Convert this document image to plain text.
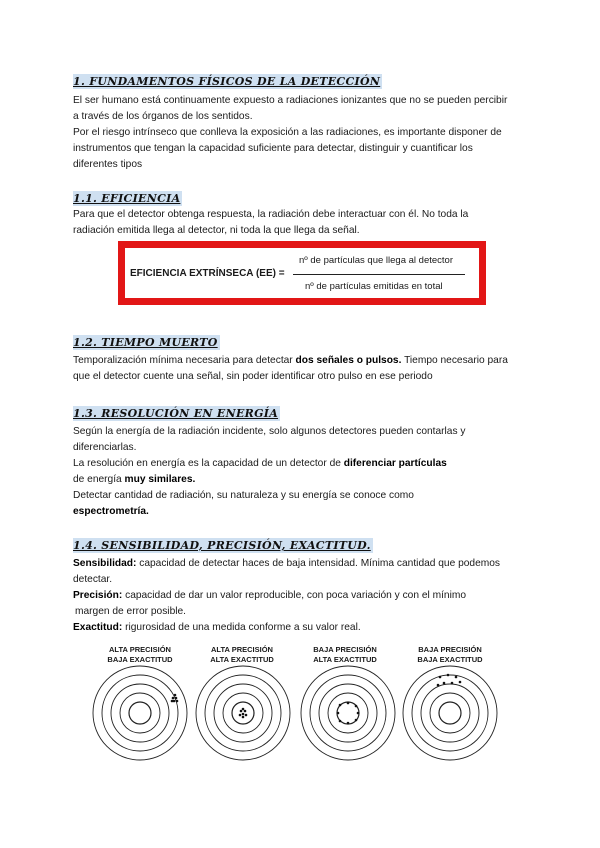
1. FUNDAMENTOS FÍSICOS DE LA DETECCIÓN
El ser humano está continuamente expuesto a radiaciones ionizantes que no se pueden percibir
a través de los órganos de los sentidos.
Por el riesgo intrínseco que conlleva la exposición a las radiaciones, es importante disponer de
instrumentos que tengan la capacidad suficiente para detectar, distinguir y cuantificar los
diferentes tipos
1.1. EFICIENCIA
Para que el detector obtenga respuesta, la radiación debe interactuar con él. No toda la
radiación emitida llega al detector, ni toda la que llega da señal.
EFICIENCIA EXTRÍNSECA (EE) =
nº de partículas que llega al detector
nº de partículas emitidas en total
1.2. TIEMPO MUERTO
Temporalización mínima necesaria para detectar dos señales o pulsos. Tiempo necesario para
que el detector cuente una señal, sin poder identificar otro pulso en ese periodo
1.3. RESOLUCIÓN EN ENERGÍA
Según la energía de la radiación incidente, solo algunos detectores pueden contarlas y
diferenciarlas.
La resolución en energía es la capacidad de un detector de diferenciar partículas
de energía muy similares.
Detectar cantidad de radiación, su naturaleza y su energía se conoce como
espectrometría.
1.4. SENSIBILIDAD, PRECISIÓN, EXACTITUD.
Sensibilidad: capacidad de detectar haces de baja intensidad. Mínima cantidad que podemos
detectar.
Precisión: capacidad de dar un valor reproducible, con poca variación y con el mínimo
margen de error posible.
Exactitud: rigurosidad de una medida conforme a su valor real.
ALTA PRECISIÓN
BAJA EXACTITUD
ALTA PRECISIÓN
ALTA EXACTITUD
BAJA PRECISIÓN
ALTA EXACTITUD
BAJA PRECISIÓN
BAJA EXACTITUD
